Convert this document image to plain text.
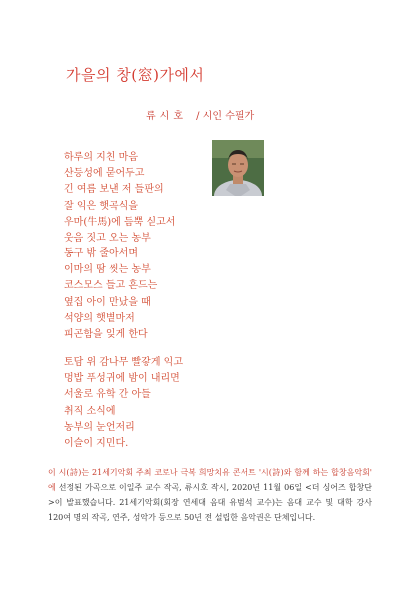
가을의 창(窓)가에서
류시호 / 시인 수필가
하루의 지친 마음
산등성에 묻어두고
긴 여름 보낸 저 들판의
잘 익은 햇곡식을
우마(牛馬)에 듬뿍 싣고서
웃음 짓고 오는 농부
동구 밖 줄아서며
이마의 땀 씻는 농부
코스모스 들고 흔드는
옆집 아이 만났을 때
석양의 햇볕마저
피곤함을 잊게 한다
토담 위 감나무 빨갛게 익고
멍밥 푸성귀에 밤이 내리면
서울로 유학 간 아들
취직 소식에
농부의 눈언저리
이슬이 지민다.
이 시(詩)는 21세기악회 주최 코로나 극복 희망치유 콘서트 '시(詩)와 함께 하는 합창음악회' 에 선정된 가곡으로 이일주 교수 작곡, 류시호 작시, 2020년 11월 06일 <더 싱어즈 합창단>이 발표했습니다. 21세기악회(회장 연세대 음대 유범석 교수)는 음대 교수 및 대학 강사 120여 명의 작곡, 연주, 성악가 등으로 50년 전 설립한 음악권은 단체입니다.
